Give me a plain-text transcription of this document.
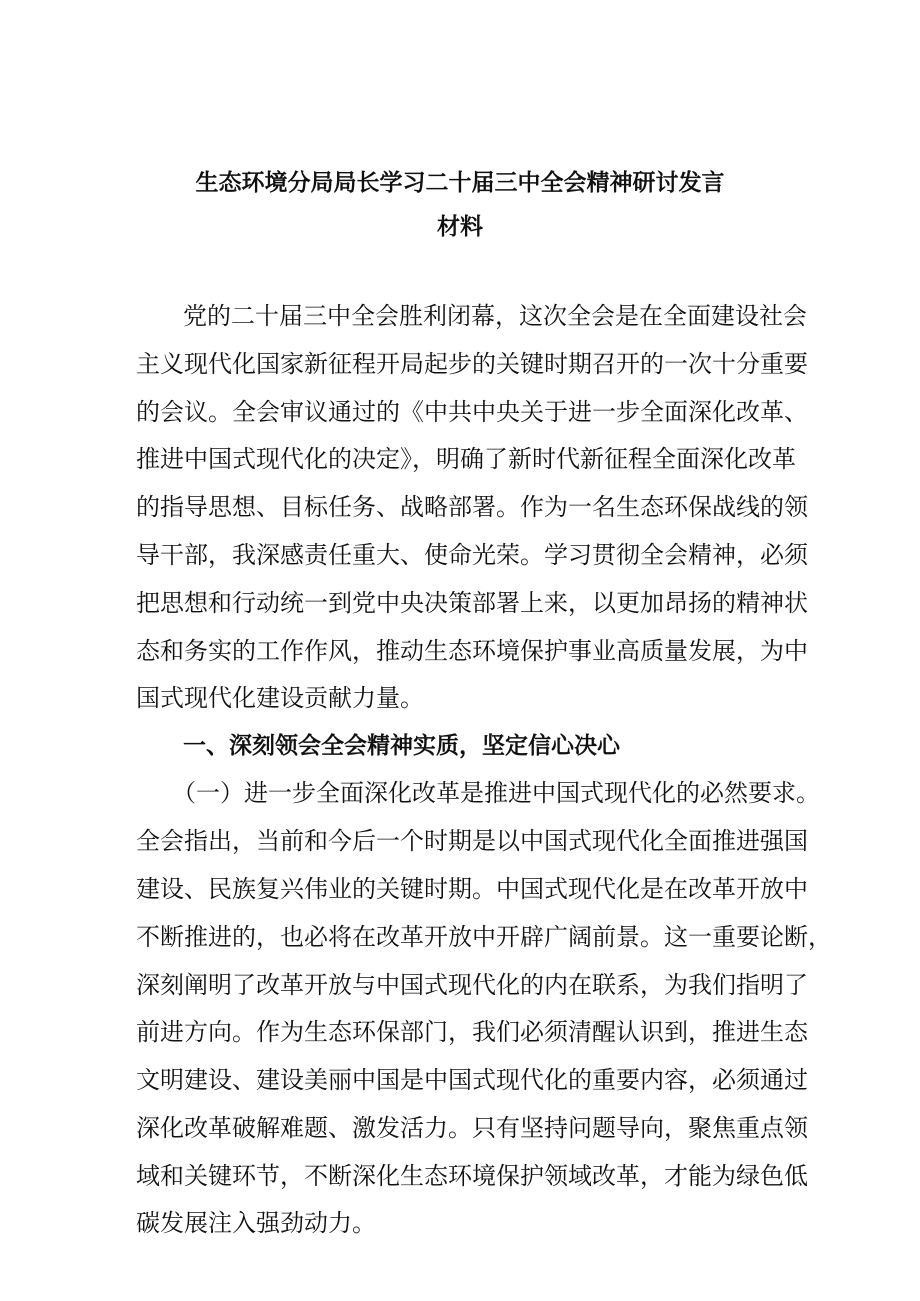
生态环境分局局长学习二十届三中全会精神研讨发言
材料
党的二十届三中全会胜利闭幕，这次全会是在全面建设社会
主义现代化国家新征程开局起步的关键时期召开的一次十分重要
的会议。全会审议通过的《中共中央关于进一步全面深化改革、
推进中国式现代化的决定》，明确了新时代新征程全面深化改革
的指导思想、目标任务、战略部署。作为一名生态环保战线的领
导干部，我深感责任重大、使命光荣。学习贯彻全会精神，必须
把思想和行动统一到党中央决策部署上来，以更加昂扬的精神状
态和务实的工作作风，推动生态环境保护事业高质量发展，为中
国式现代化建设贡献力量。
一、深刻领会全会精神实质，坚定信心决心
（一）进一步全面深化改革是推进中国式现代化的必然要求。
全会指出，当前和今后一个时期是以中国式现代化全面推进强国
建设、民族复兴伟业的关键时期。中国式现代化是在改革开放中
不断推进的，也必将在改革开放中开辟广阔前景。这一重要论断，
深刻阐明了改革开放与中国式现代化的内在联系，为我们指明了
前进方向。作为生态环保部门，我们必须清醒认识到，推进生态
文明建设、建设美丽中国是中国式现代化的重要内容，必须通过
深化改革破解难题、激发活力。只有坚持问题导向，聚焦重点领
域和关键环节，不断深化生态环境保护领域改革，才能为绿色低
碳发展注入强劲动力。
